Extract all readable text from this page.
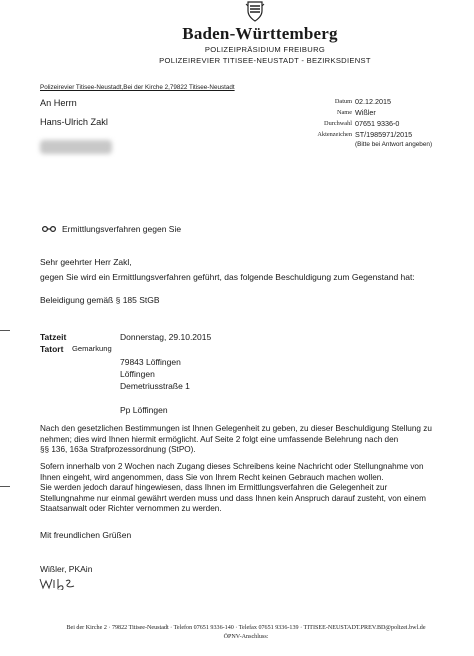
Baden-Württemberg
POLIZEIPRÄSIDIUM FREIBURG
POLIZEIREVIER TITISEE-NEUSTADT - BEZIRKSDIENST
Polizeirevier Titisee-Neustadt,Bei der Kirche 2,79822 Titisee-Neustadt
An Herrn
Hans-Ulrich Zakl
Datum 02.12.2015
Name Wißler
Durchwahl 07651 9336-0
Aktenzeichen ST/1985971/2015
(Bitte bei Antwort angeben)
Ermittlungsverfahren gegen Sie
Sehr geehrter Herr Zakl,
gegen Sie wird ein Ermittlungsverfahren geführt, das folgende Beschuldigung zum Gegenstand hat:
Beleidigung gemäß § 185 StGB
Tatzeit	Donnerstag, 29.10.2015
Tatort Gemarkung
79843 Löffingen
Löffingen
Demetriusstraße 1
Pp Löffingen
Nach den gesetzlichen Bestimmungen ist Ihnen Gelegenheit zu geben, zu dieser Beschuldigung Stellung zu
nehmen; dies wird Ihnen hiermit ermöglicht. Auf Seite 2 folgt eine umfassende Belehrung nach den
§§ 136, 163a Strafprozessordnung (StPO).
Sofern innerhalb von 2 Wochen nach Zugang dieses Schreibens keine Nachricht oder Stellungnahme von
Ihnen eingeht, wird angenommen, dass Sie von Ihrem Recht keinen Gebrauch machen wollen.
Sie werden jedoch darauf hingewiesen, dass Ihnen im Ermittlungsverfahren die Gelegenheit zur
Stellungnahme nur einmal gewährt werden muss und dass Ihnen kein Anspruch darauf zusteht, von einem
Staatsanwalt oder Richter vernommen zu werden.
Mit freundlichen Grüßen
Wißler, PKAin
Bei der Kirche 2 · 79822 Titisee-Neustadt · Telefon 07651 9336-140 · Telefax 07651 9336-139 · TITISEE-NEUSTADT.PREV.BD@polizei.bwl.de
ÖPNV-Anschluss:
